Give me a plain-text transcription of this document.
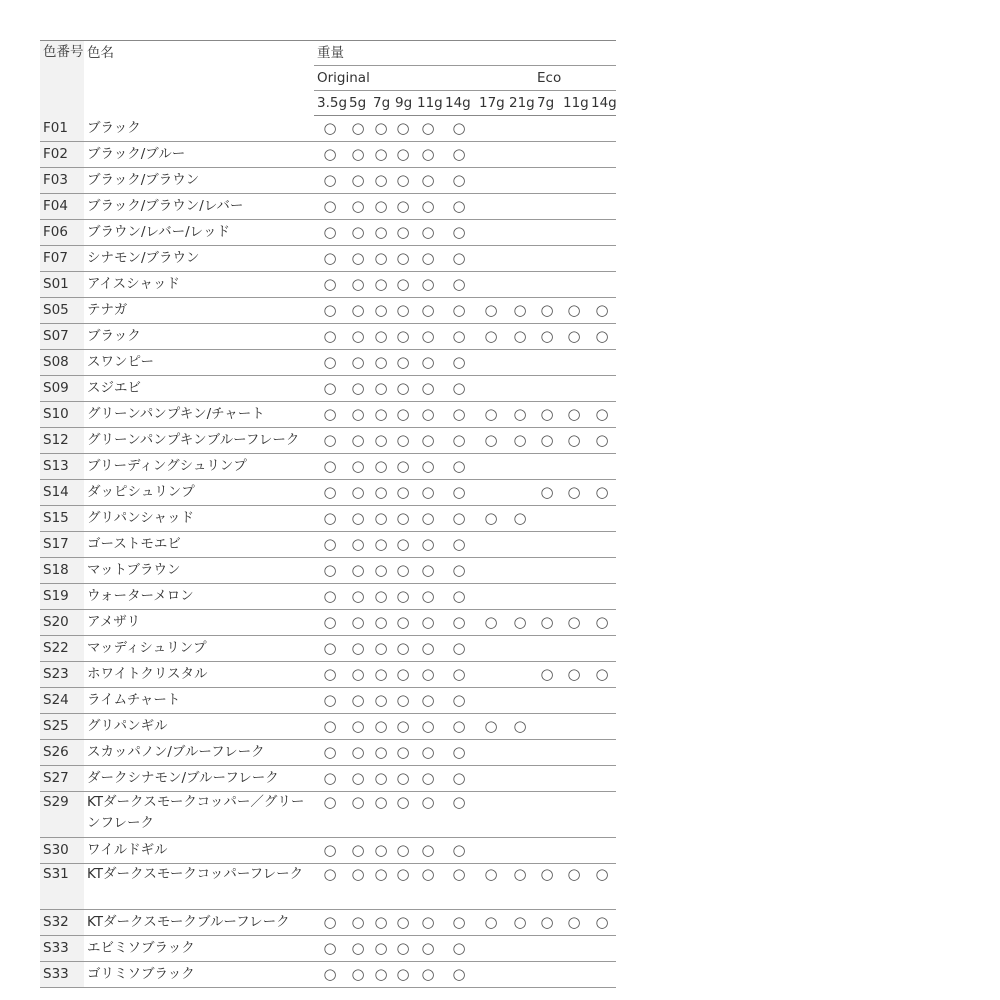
色番号	色名	重量										
		Original								Eco		
		3.5g	5g	7g	9g	11g	14g	17g	21g	7g	11g	14g
F01	ブラック	○	○	○	○	○	○					
F02	ブラック/ブルー	○	○	○	○	○	○					
F03	ブラック/ブラウン	○	○	○	○	○	○					
F04	ブラック/ブラウン/レバー	○	○	○	○	○	○					
F06	ブラウン/レバー/レッド	○	○	○	○	○	○					
F07	シナモン/ブラウン	○	○	○	○	○	○					
S01	アイスシャッド	○	○	○	○	○	○					
S05	テナガ	○	○	○	○	○	○	○	○	○	○	○
S07	ブラック	○	○	○	○	○	○	○	○	○	○	○
S08	スワンピー	○	○	○	○	○	○					
S09	スジエビ	○	○	○	○	○	○					
S10	グリーンパンプキン/チャート	○	○	○	○	○	○	○	○	○	○	○
S12	グリーンパンプキンブルーフレーク	○	○	○	○	○	○	○	○	○	○	○
S13	ブリーディングシュリンプ	○	○	○	○	○	○					
S14	ダッピシュリンプ	○	○	○	○	○	○			○	○	○
S15	グリパンシャッド	○	○	○	○	○	○	○	○			
S17	ゴーストモエビ	○	○	○	○	○	○					
S18	マットブラウン	○	○	○	○	○	○					
S19	ウォーターメロン	○	○	○	○	○	○					
S20	アメザリ	○	○	○	○	○	○	○	○	○	○	○
S22	マッディシュリンプ	○	○	○	○	○	○					
S23	ホワイトクリスタル	○	○	○	○	○	○			○	○	○
S24	ライムチャート	○	○	○	○	○	○					
S25	グリパンギル	○	○	○	○	○	○	○	○			
S26	スカッパノン/ブルーフレーク	○	○	○	○	○	○					
S27	ダークシナモン/ブルーフレーク	○	○	○	○	○	○					
S29	KTダークスモークコッパー／グリーンフレーク	○	○	○	○	○	○					
S30	ワイルドギル	○	○	○	○	○	○					
S31	KTダークスモークコッパーフレーク	○	○	○	○	○	○	○	○	○	○	○
S32	KTダークスモークブルーフレーク	○	○	○	○	○	○	○	○	○	○	○
S33	エビミソブラック	○	○	○	○	○	○					
S33	ゴリミソブラック	○	○	○	○	○	○					
